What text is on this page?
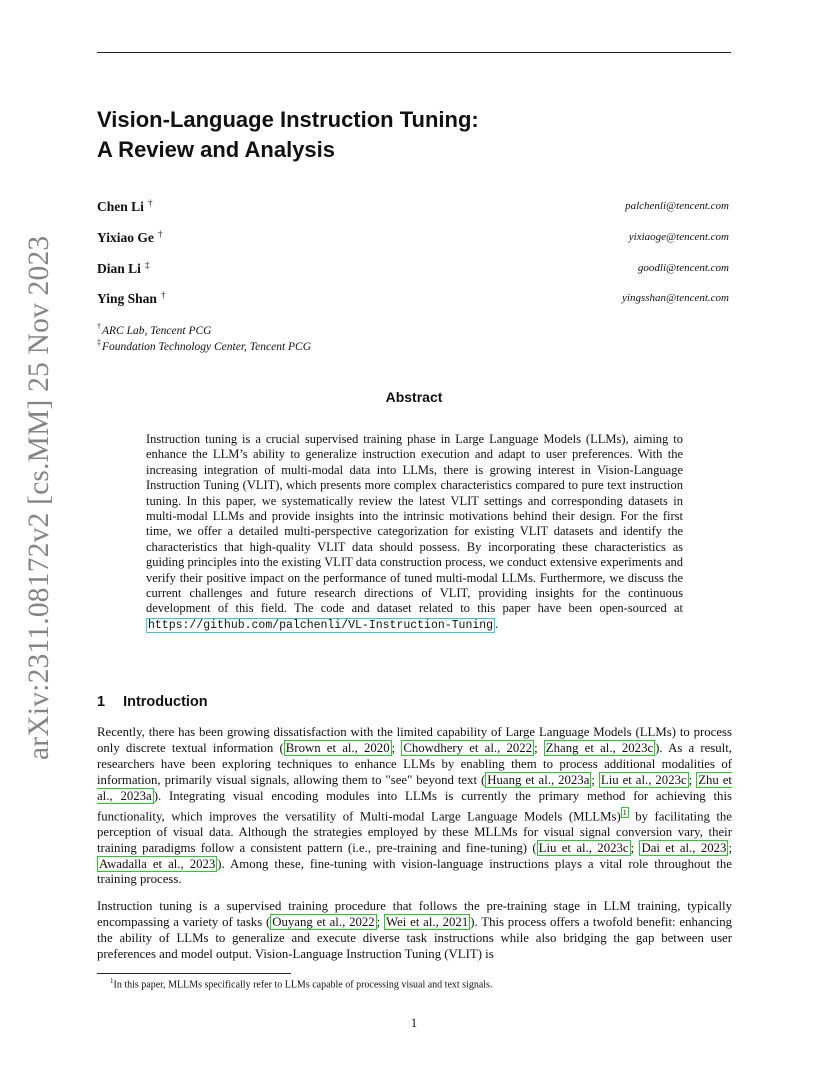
arXiv:2311.08172v2 [cs.MM] 25 Nov 2023
Vision-Language Instruction Tuning:
A Review and Analysis
Chen Li †	palchenli@tencent.com
Yixiao Ge †	yixiaoge@tencent.com
Dian Li ‡	goodli@tencent.com
Ying Shan †	yingsshan@tencent.com
†ARC Lab, Tencent PCG
‡Foundation Technology Center, Tencent PCG
Abstract

Instruction tuning is a crucial supervised training phase in Large Language Models (LLMs), aiming to enhance the LLM’s ability to generalize instruction execution and adapt to user preferences. With the increasing integration of multi-modal data into LLMs, there is growing interest in Vision-Language Instruction Tuning (VLIT), which presents more complex characteristics compared to pure text instruction tuning. In this paper, we systematically review the latest VLIT settings and corresponding datasets in multi-modal LLMs and provide insights into the intrinsic motivations behind their design. For the first time, we offer a detailed multi-perspective categorization for existing VLIT datasets and identify the characteristics that high-quality VLIT data should possess. By incorporating these characteristics as guiding principles into the existing VLIT data construction process, we conduct extensive experiments and verify their positive impact on the performance of tuned multi-modal LLMs. Furthermore, we discuss the current challenges and future research directions of VLIT, providing insights for the continuous development of this field. The code and dataset related to this paper have been open-sourced at https://github.com/palchenli/VL-Instruction-Tuning .

1 Introduction

Recently, there has been growing dissatisfaction with the limited capability of Large Language Models (LLMs) to process only discrete textual information ( Brown et al., 2020 ; Chowdhery et al., 2022 ; Zhang et al., 2023c ). As a result, researchers have been exploring techniques to enhance LLMs by enabling them to process additional modalities of information, primarily visual signals, allowing them to "see" beyond text ( Huang et al., 2023a ; Liu et al., 2023c ; Zhu et al., 2023a ). Integrating visual encoding modules into LLMs is currently the primary method for achieving this functionality, which improves the versatility of Multi-modal Large Language Models (MLLMs) $^1$ by facilitating the perception of visual data. Although the strategies employed by these MLLMs for visual signal conversion vary, their training paradigms follow a consistent pattern (i.e., pre-training and fine-tuning) ( Liu et al., 2023c ; Dai et al., 2023 ; Awadalla et al., 2023 ). Among these, fine-tuning with vision-language instructions plays a vital role throughout the training process.

Instruction tuning is a supervised training procedure that follows the pre-training stage in LLM training, typically encompassing a variety of tasks ( Ouyang et al., 2022 ; Wei et al., 2021 ). This process offers a twofold benefit: enhancing the ability of LLMs to generalize and execute diverse task instructions while also bridging the gap between user preferences and model output. Vision-Language Instruction Tuning (VLIT) is

$^1$In this paper, MLLMs specifically refer to LLMs capable of processing visual and text signals.
1
